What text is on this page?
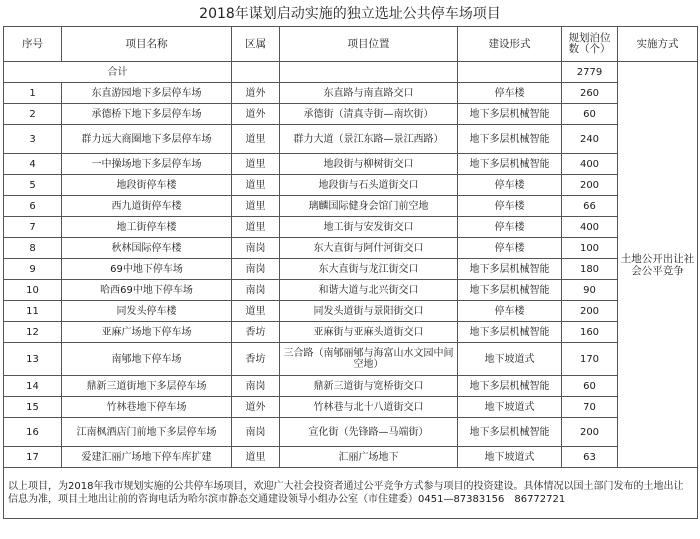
2018年谋划启动实施的独立选址公共停车场项目
序号	项目名称	区属	项目位置	建设形式	规划泊位数（个）	实施方式
合计					2779	土地公开出让社会公平竞争
1	东直游园地下多层停车场	道外	东直路与南直路交口	停车楼	260	
2	承德桥下地下多层停车场	道外	承德街（清真寺街—南坎街）	地下多层机械智能	60	
3	群力远大商圈地下多层停车场	道里	群力大道（景江东路—景江西路）	地下多层机械智能	240	
4	一中操场地下多层停车场	道里	地段街与柳树街交口	地下多层机械智能	400	
5	地段街停车楼	道里	地段街与石头道街交口	停车楼	200	
6	西九道街停车楼	道里	璃麟国际健身会馆门前空地	停车楼	66	
7	地工街停车楼	道里	地工街与安发街交口	停车楼	400	
8	秋林国际停车楼	南岗	东大直街与阿什河街交口	停车楼	100	
9	69中地下停车场	南岗	东大直街与龙江街交口	地下多层机械智能	180	
10	哈西69中地下停车场	南岗	和谐大道与北兴街交口	地下多层机械智能	90	
11	同发头停车楼	道里	同发头道街与景阳街交口	停车楼	200	
12	亚麻广场地下停车场	香坊	亚麻街与亚麻头道街交口	地下多层机械智能	160	
13	南郇地下停车场	香坊	三合路（南郇丽郇与海富山水文园中间空地）	地下坡道式	170	
14	鼎新三道街地下多层停车场	南岗	鼎新三道街与宽桥街交口	地下多层机械智能	60	
15	竹林巷地下停车场	道外	竹林巷与北十八道街交口	地下坡道式	70	
16	江南枫酒店门前地下多层停车场	南岗	宣化街（先锋路—马端街）	地下多层机械智能	200	
17	爱建汇丽广场地下停车库扩建	道里	汇丽广场地下	地下坡道式	63	
以上项目，为2018年我市规划实施的公共停车场项目，欢迎广大社会投资者通过公平竞争方式参与项目的投资建设。具体情况以国土部门发布的土地出让信息为准，项目土地出让前的咨询电话为哈尔滨市静态交通建设领导小组办公室（市住建委）0451—87383156　86772721						
